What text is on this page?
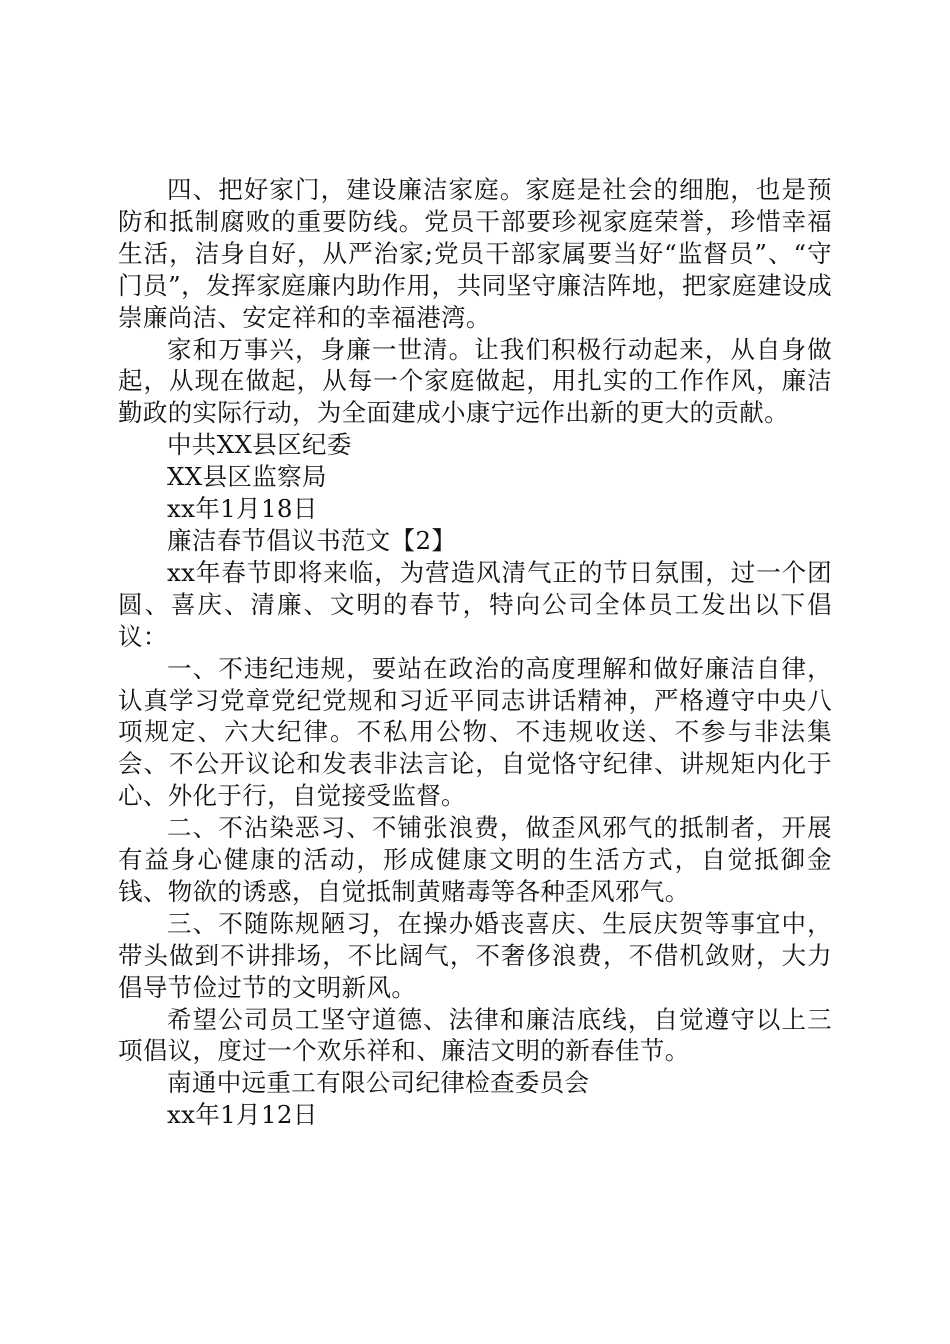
四、把好家门，建设廉洁家庭。家庭是社会的细胞，也是预防和抵制腐败的重要防线。党员干部要珍视家庭荣誉，珍惜幸福生活，洁身自好，从严治家;党员干部家属要当好“监督员”、“守门员”，发挥家庭廉内助作用，共同坚守廉洁阵地，把家庭建设成崇廉尚洁、安定祥和的幸福港湾。

家和万事兴，身廉一世清。让我们积极行动起来，从自身做起，从现在做起，从每一个家庭做起，用扎实的工作作风，廉洁勤政的实际行动，为全面建成小康宁远作出新的更大的贡献。

中共XX县区纪委

XX县区监察局

xx年1月18日

廉洁春节倡议书范文【2】

xx年春节即将来临，为营造风清气正的节日氛围，过一个团圆、喜庆、清廉、文明的春节，特向公司全体员工发出以下倡议：

一、不违纪违规，要站在政治的高度理解和做好廉洁自律，认真学习党章党纪党规和习近平同志讲话精神，严格遵守中央八项规定、六大纪律。不私用公物、不违规收送、不参与非法集会、不公开议论和发表非法言论，自觉恪守纪律、讲规矩内化于心、外化于行，自觉接受监督。

二、不沾染恶习、不铺张浪费，做歪风邪气的抵制者，开展有益身心健康的活动，形成健康文明的生活方式，自觉抵御金钱、物欲的诱惑，自觉抵制黄赌毒等各种歪风邪气。

三、不随陈规陋习，在操办婚丧喜庆、生辰庆贺等事宜中，带头做到不讲排场，不比阔气，不奢侈浪费，不借机敛财，大力倡导节俭过节的文明新风。

希望公司员工坚守道德、法律和廉洁底线，自觉遵守以上三项倡议，度过一个欢乐祥和、廉洁文明的新春佳节。

南通中远重工有限公司纪律检查委员会

xx年1月12日
